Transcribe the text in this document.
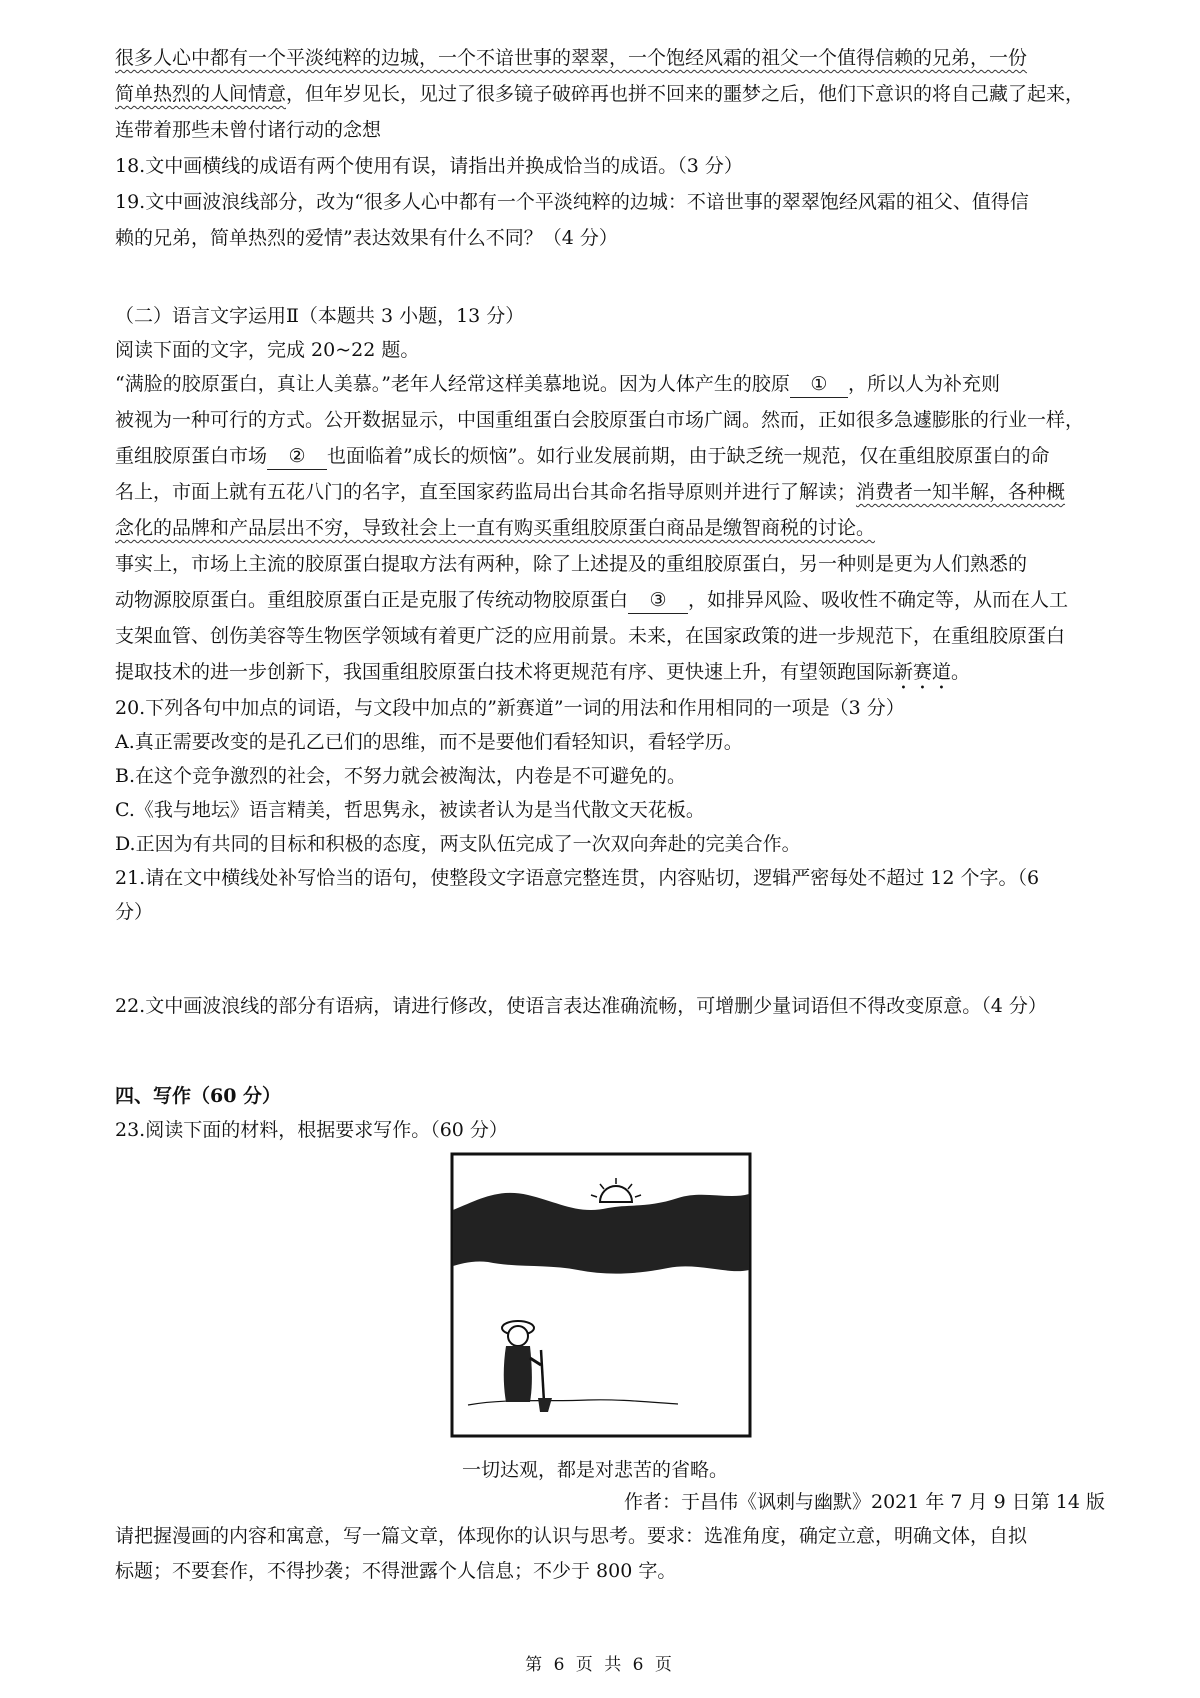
很多人心中都有一个平淡纯粹的边城，一个不谙世事的翠翠，一个饱经风霜的祖父一个值得信赖的兄弟，一份
简单热烈的人间情意，但年岁见长，见过了很多镜子破碎再也拼不回来的噩梦之后，他们下意识的将自己藏了起来，
连带着那些未曾付诸行动的念想
18.文中画横线的成语有两个使用有误，请指出并换成恰当的成语。（3 分）
19.文中画波浪线部分，改为“很多人心中都有一个平淡纯粹的边城：不谙世事的翠翠饱经风霜的祖父、值得信
赖的兄弟，简单热烈的爱情”表达效果有什么不同？（4 分）
（二）语言文字运用Ⅱ（本题共 3 小题，13 分）
阅读下面的文字，完成 20~22 题。
“满脸的胶原蛋白，真让人美慕。”老年人经常这样美慕地说。因为人体产生的胶原 ① ，所以人为补充则
被视为一种可行的方式。公开数据显示，中国重组蛋白会胶原蛋白市场广阔。然而，正如很多急遽膨胀的行业一样，
重组胶原蛋白市场 ② 也面临着”成长的烦恼”。如行业发展前期，由于缺乏统一规范，仅在重组胶原蛋白的命
名上，市面上就有五花八门的名字，直至国家药监局出台其命名指导原则并进行了解读；消费者一知半解，各种概
念化的品牌和产品层出不穷，导致社会上一直有购买重组胶原蛋白商品是缴智商税的讨论。
事实上，市场上主流的胶原蛋白提取方法有两种，除了上述提及的重组胶原蛋白，另一种则是更为人们熟悉的
动物源胶原蛋白。重组胶原蛋白正是克服了传统动物胶原蛋白 ③ ，如排异风险、吸收性不确定等，从而在人工
支架血管、创伤美容等生物医学领域有着更广泛的应用前景。未来，在国家政策的进一步规范下，在重组胶原蛋白
提取技术的进一步创新下，我国重组胶原蛋白技术将更规范有序、更快速上升，有望领跑国际新赛道。
20.下列各句中加点的词语，与文段中加点的”新赛道”一词的用法和作用相同的一项是（3 分）
A.真正需要改变的是孔乙已们的思维，而不是要他们看轻知识，看轻学历。
B.在这个竞争激烈的社会，不努力就会被淘汰，内卷是不可避免的。
C.《我与地坛》语言精美，哲思隽永，被读者认为是当代散文天花板。
D.正因为有共同的目标和积极的态度，两支队伍完成了一次双向奔赴的完美合作。
21.请在文中横线处补写恰当的语句，使整段文字语意完整连贯，内容贴切，逻辑严密每处不超过 12 个字。（6
分）
22.文中画波浪线的部分有语病，请进行修改，使语言表达准确流畅，可增删少量词语但不得改变原意。（4 分）
四、写作（60 分）
23.阅读下面的材料，根据要求写作。（60 分）
一切达观，都是对悲苦的省略。
作者：于昌伟《讽刺与幽默》2021 年 7 月 9 日第 14 版
请把握漫画的内容和寓意，写一篇文章，体现你的认识与思考。要求：选准角度，确定立意，明确文体，自拟
标题；不要套作，不得抄袭；不得泄露个人信息；不少于 800 字。
第 6 页 共 6 页
